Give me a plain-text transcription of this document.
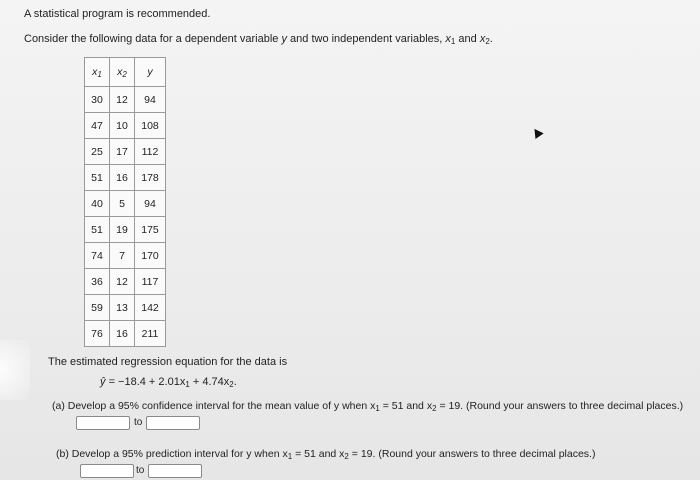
A statistical program is recommended.
Consider the following data for a dependent variable y and two independent variables, $x_1$ and $x_2$.
$x_1$	$x_2$	y
30	12	94
47	10	108
25	17	112
51	16	178
40	5	94
51	19	175
74	7	170
36	12	117
59	13	142
76	16	211
The estimated regression equation for the data is
ŷ = $-18.4 + 2.01x_1 + 4.74x_2$.
(a) Develop a 95% confidence interval for the mean value of y when $x_1 = 51$ and $x_2 = 19$. (Round your answers to three decimal places.)
to
(b) Develop a 95% prediction interval for y when $x_1 = 51$ and $x_2 = 19$. (Round your answers to three decimal places.)
to
